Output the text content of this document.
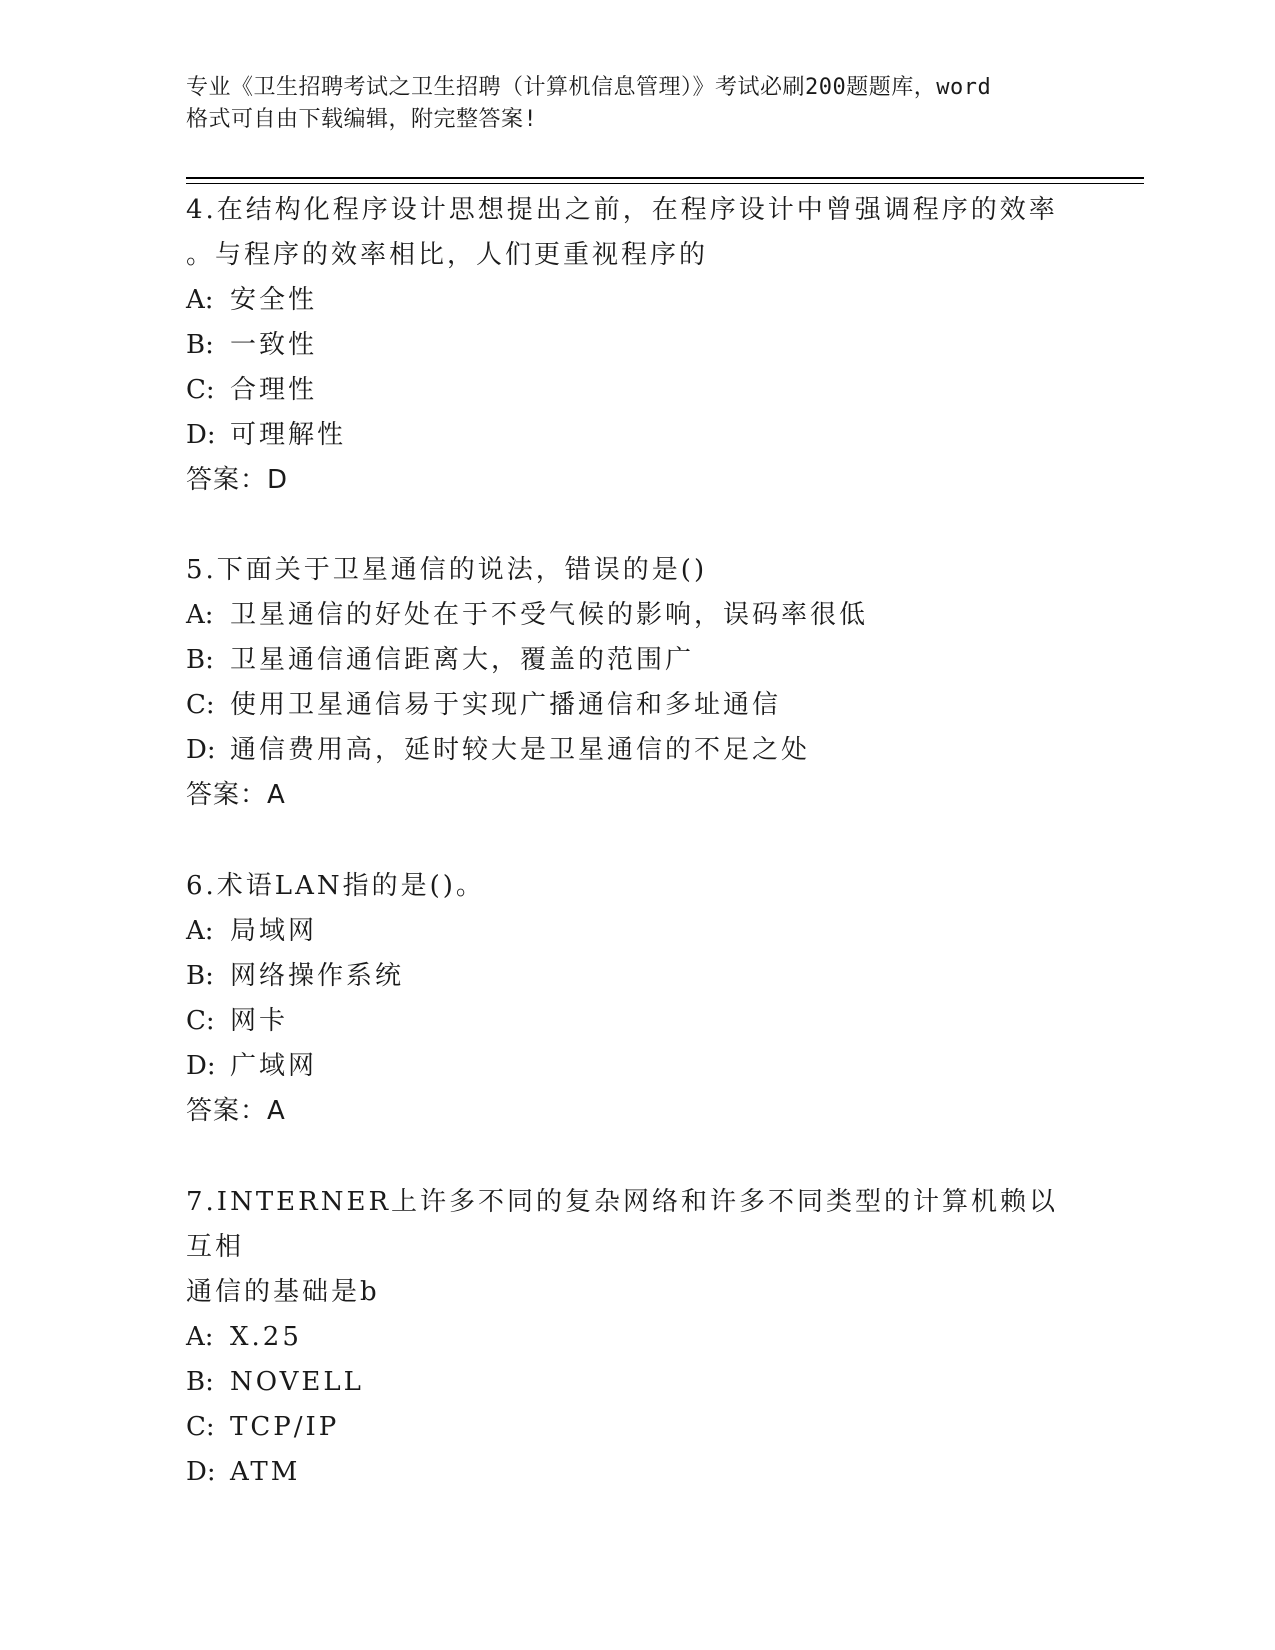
专业《卫生招聘考试之卫生招聘（计算机信息管理）》考试必刷200题题库，word
格式可自由下载编辑，附完整答案!
4.在结构化程序设计思想提出之前，在程序设计中曾强调程序的效率
。与程序的效率相比，人们更重视程序的
A: 安全性
B: 一致性
C: 合理性
D: 可理解性
答案：D
5.下面关于卫星通信的说法，错误的是()
A: 卫星通信的好处在于不受气候的影响，误码率很低
B: 卫星通信通信距离大，覆盖的范围广
C: 使用卫星通信易于实现广播通信和多址通信
D: 通信费用高，延时较大是卫星通信的不足之处
答案：A
6.术语LAN指的是()。
A: 局域网
B: 网络操作系统
C: 网卡
D: 广域网
答案：A
7.INTERNER上许多不同的复杂网络和许多不同类型的计算机赖以互相
通信的基础是b
A: X.25
B: NOVELL
C: TCP/IP
D: ATM
